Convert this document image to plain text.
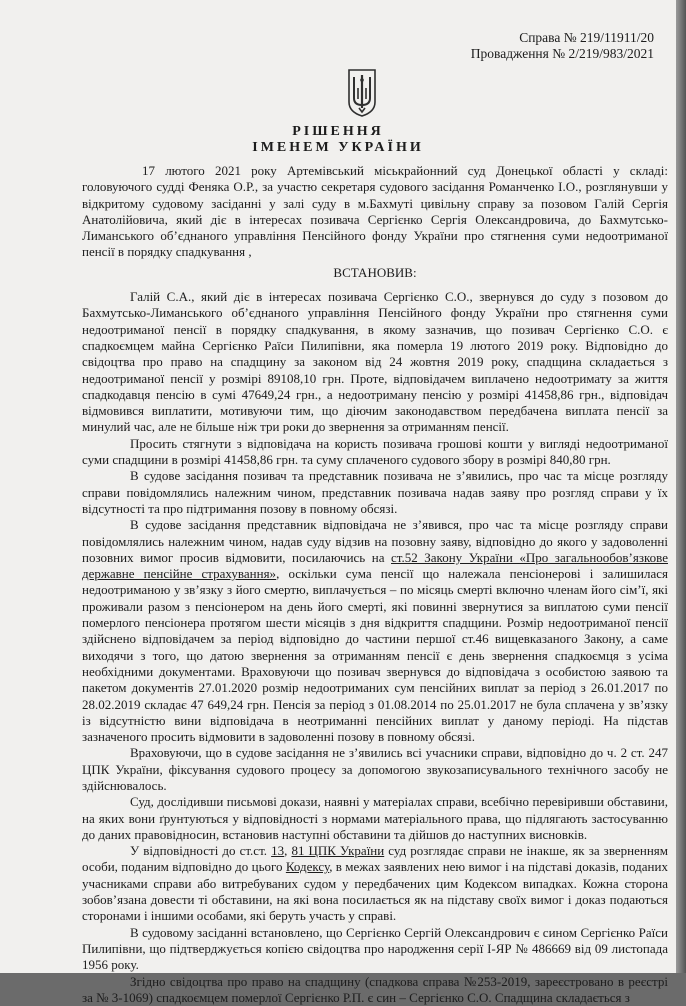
Справа № 219/11911/20
Провадження № 2/219/983/2021
РІШЕННЯ
ІМЕНЕМ УКРАЇНИ

17 лютого 2021 року Артемівський міськрайонний суд Донецької області у складі: головуючого судді Феняка О.Р., за участю секретаря судового засідання Романченко І.О., розглянувши у відкритому судовому засіданні у залі суду в м.Бахмуті цивільну справу за позовом Галій Сергія Анатолійовича, який діє в інтересах позивача Сергієнко Сергія Олександровича, до Бахмутсько-Лиманського об’єднаного управління Пенсійного фонду України про стягнення суми недоотриманої пенсії в порядку спадкування ,

ВСТАНОВИВ:

Галій С.А., який діє в інтересах позивача Сергієнко С.О., звернувся до суду з позовом до Бахмутсько-Лиманського об’єднаного управління Пенсійного фонду України про стягнення суми недоотриманої пенсії в порядку спадкування, в якому зазначив, що позивач Сергієнко С.О. є спадкоємцем майна Сергієнко Раїси Пилипівни, яка померла 19 лютого 2019 року. Відповідно до свідоцтва про право на спадщину за законом від 24 жовтня 2019 року, спадщина складається з недоотриманої пенсії у розмірі 89108,10 грн. Проте, відповідачем виплачено недоотримату за життя спадкодавця пенсію в сумі 47649,24 грн., а недоотриману пенсію у розмірі 41458,86 грн., відповідач відмовився виплатити, мотивуючи тим, що діючим законодавством передбачена виплата пенсії за минулий час, але не більше ніж три роки до звернення за отриманням пенсії.

Просить стягнути з відповідача на користь позивача грошові кошти у вигляді недоотриманої суми спадщини в розмірі 41458,86 грн. та суму сплаченого судового збору в розмірі 840,80 грн.

В судове засідання позивач та представник позивача не з’явились, про час та місце розгляду справи повідомлялись належним чином, представник позивача надав заяву про розгляд справи у їх відсутності та про підтримання позову в повному обсязі.

В судове засідання представник відповідача не з’явився, про час та місце розгляду справи повідомлялись належним чином, надав суду відзив на позовну заяву, відповідно до якого у задоволенні позовних вимог просив відмовити, посилаючись на ст.52 Закону України «Про загальнообов’язкове державне пенсійне страхування», оскільки сума пенсії що належала пенсіонерові і залишилася недоотриманою у зв’язку з його смертю, виплачується – по місяць смерті включно членам його сім’ї, які проживали разом з пенсіонером на день його смерті, які повинні звернутися за виплатою суми пенсії померлого пенсіонера протягом шести місяців з дня відкриття спадщини. Розмір недоотриманої пенсії здійснено відповідачем за період відповідно до частини першої ст.46 вищевказаного Закону, а саме виходячи з того, що датою звернення за отриманням пенсії є день звернення спадкоємця з усіма необхідними документами. Враховуючи що позивач звернувся до відповідача з особистою заявою та пакетом документів 27.01.2020 розмір недоотриманих сум пенсійних виплат за період з 26.01.2017 по 28.02.2019 складає 47 649,24 грн. Пенсія за період з 01.08.2014 по 25.01.2017 не була сплачена у зв’язку із відсутністю вини відповідача в неотриманні пенсійних виплат у даному періоді. На підстав зазначеного просить відмовити в задоволенні позову в повному обсязі.

Враховуючи, що в судове засідання не з’явились всі учасники справи, відповідно до ч. 2 ст. 247 ЦПК України, фіксування судового процесу за допомогою звукозаписувального технічного засобу не здійснювалось.

Суд, дослідивши письмові докази, наявні у матеріалах справи, всебічно перевіривши обставини, на яких вони ґрунтуються у відповідності з нормами матеріального права, що підлягають застосуванню до даних правовідносин, встановив наступні обставини та дійшов до наступних висновків.

У відповідності до ст.ст. 13, 81 ЦПК України суд розглядає справи не інакше, як за зверненням особи, поданим відповідно до цього Кодексу, в межах заявлених нею вимог і на підставі доказів, поданих учасниками справи або витребуваних судом у передбачених цим Кодексом випадках. Кожна сторона зобов’язана довести ті обставини, на які вона посилається як на підставу своїх вимог і доказ подаються сторонами і іншими особами, які беруть участь у справі.

В судовому засіданні встановлено, що Сергієнко Сергій Олександрович є сином Сергієнко Раїси Пилипівни, що підтверджується копією свідоцтва про народження серії І-ЯР № 486669 від 09 листопада 1956 року.

Згідно свідоцтва про право на спадщину (спадкова справа №253-2019, зареєстровано в реєстрі за № 3-1069) спадкоємцем померлої Сергієнко Р.П. є син – Сергієнко С.О. Спадщина складається з
